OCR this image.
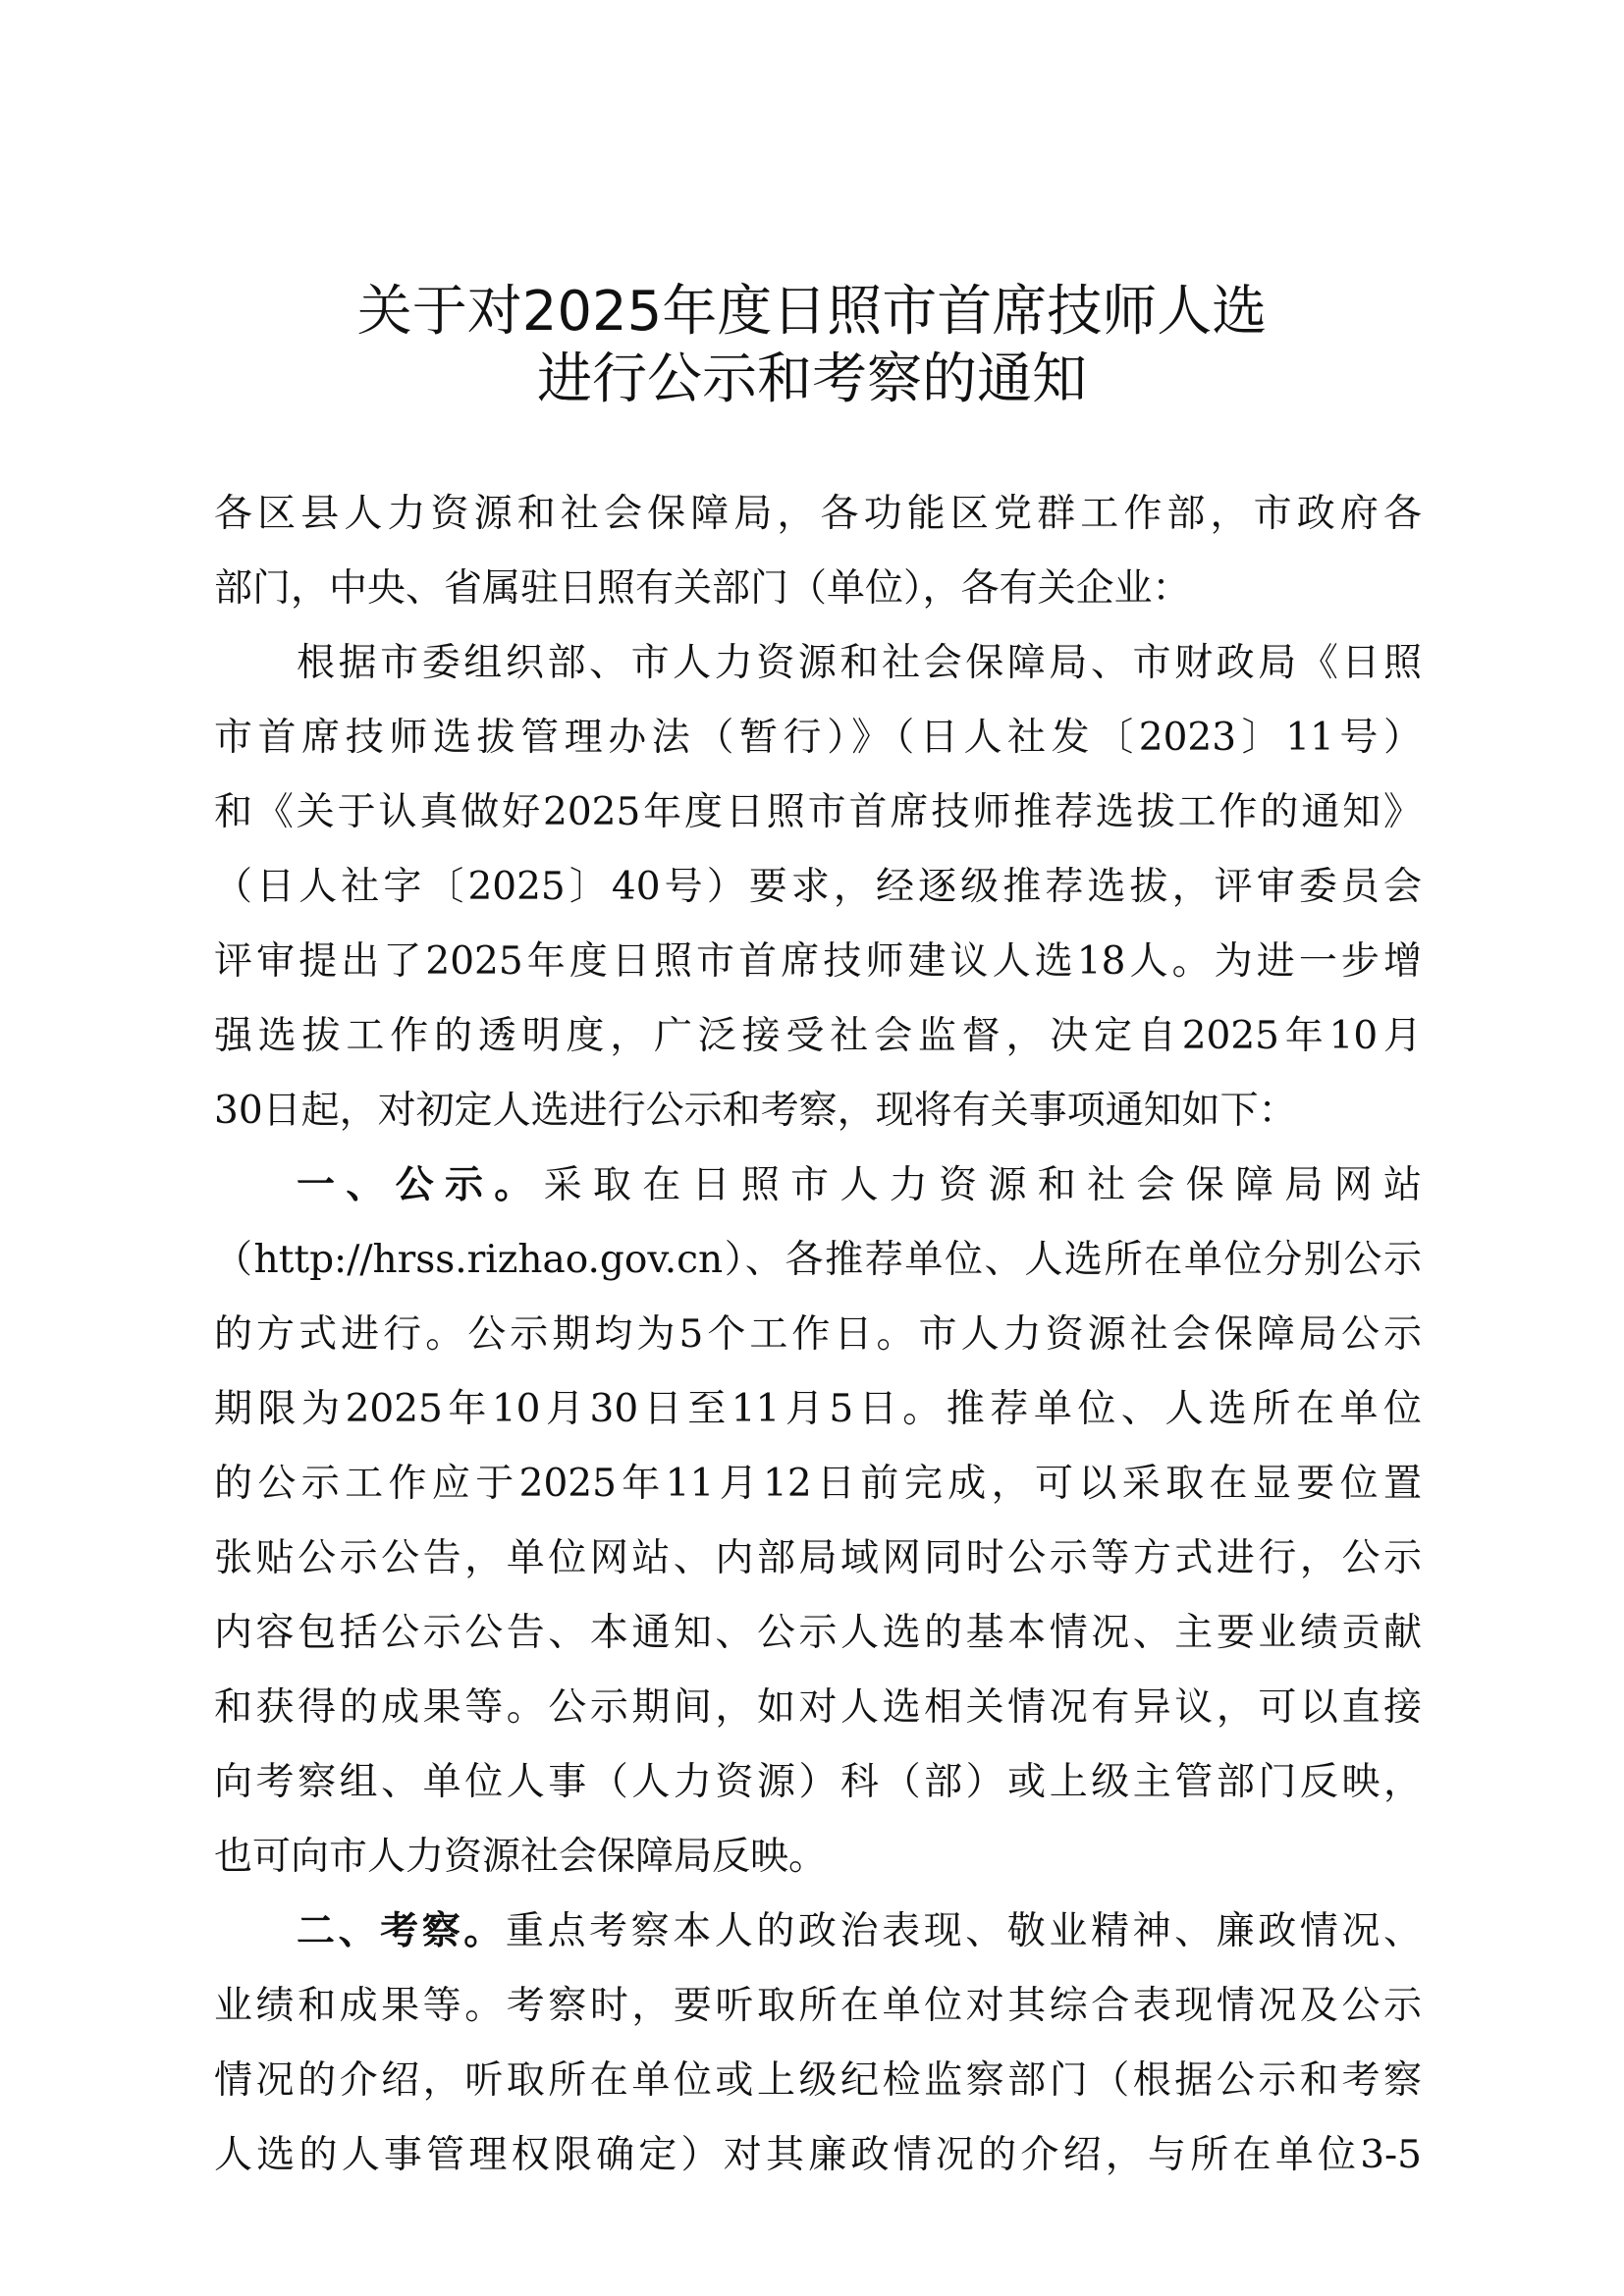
关于对2025年度日照市首席技师人选
进行公示和考察的通知
各区县人力资源和社会保障局，各功能区党群工作部，市政府各
部门，中央、省属驻日照有关部门（单位），各有关企业：
根据市委组织部、市人力资源和社会保障局、市财政局《日照
市首席技师选拔管理办法（暂行）》（日人社发〔2023〕11号）
和《关于认真做好2025年度日照市首席技师推荐选拔工作的通知》
（日人社字〔2025〕40号）要求，经逐级推荐选拔，评审委员会
评审提出了2025年度日照市首席技师建议人选18人。为进一步增
强选拔工作的透明度，广泛接受社会监督，决定自2025年10月
30日起，对初定人选进行公示和考察，现将有关事项通知如下：
一、公示。采取在日照市人力资源和社会保障局网站
（http://hrss.rizhao.gov.cn）、各推荐单位、人选所在单位分别公示
的方式进行。公示期均为5个工作日。市人力资源社会保障局公示
期限为2025年10月30日至11月5日。推荐单位、人选所在单位
的公示工作应于2025年11月12日前完成，可以采取在显要位置
张贴公示公告，单位网站、内部局域网同时公示等方式进行，公示
内容包括公示公告、本通知、公示人选的基本情况、主要业绩贡献
和获得的成果等。公示期间，如对人选相关情况有异议，可以直接
向考察组、单位人事（人力资源）科（部）或上级主管部门反映，
也可向市人力资源社会保障局反映。
二、考察。重点考察本人的政治表现、敬业精神、廉政情况、
业绩和成果等。考察时，要听取所在单位对其综合表现情况及公示
情况的介绍，听取所在单位或上级纪检监察部门（根据公示和考察
人选的人事管理权限确定）对其廉政情况的介绍，与所在单位3-5
